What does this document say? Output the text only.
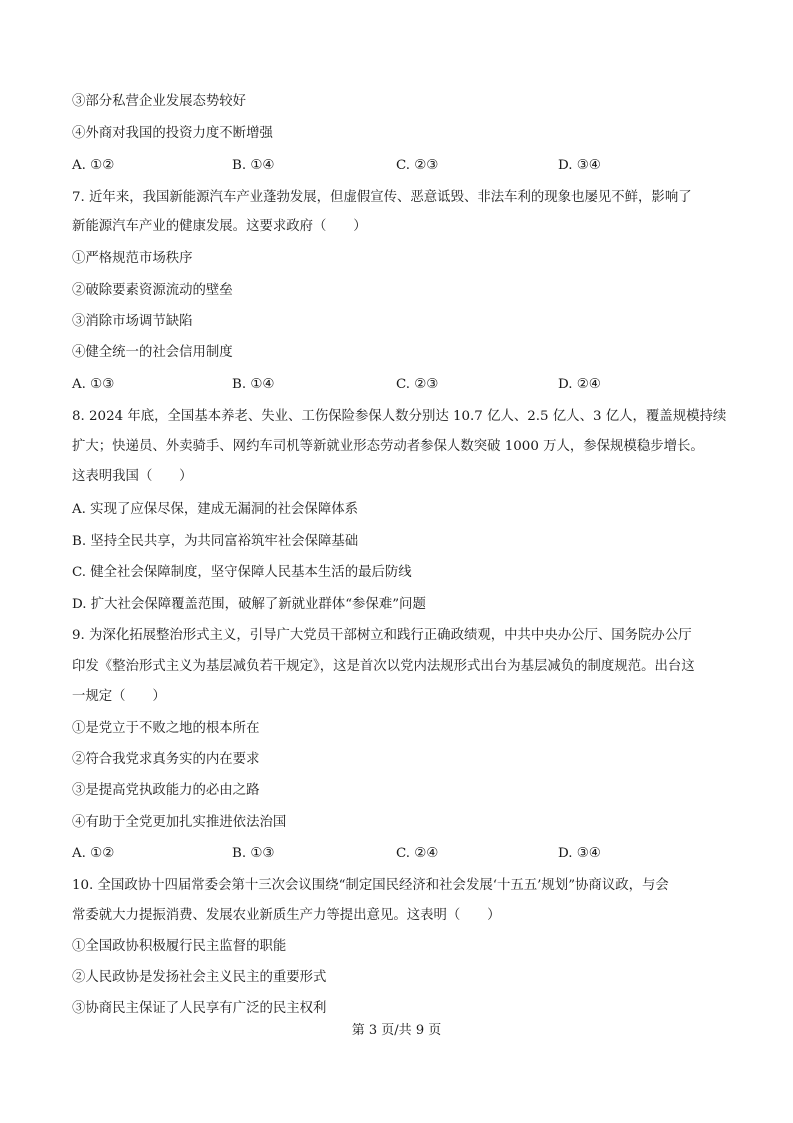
③部分私营企业发展态势较好
④外商对我国的投资力度不断增强
A. ①②	B. ①④	C. ②③	D. ③④
7. 近年来，我国新能源汽车产业蓬勃发展，但虚假宣传、恶意诋毁、非法车利的现象也屡见不鲜，影响了
新能源汽车产业的健康发展。这要求政府（　　）
①严格规范市场秩序
②破除要素资源流动的壁垒
③消除市场调节缺陷
④健全统一的社会信用制度
A. ①③	B. ①④	C. ②③	D. ②④
8. 2024 年底，全国基本养老、失业、工伤保险参保人数分别达 10.7 亿人、2.5 亿人、3 亿人，覆盖规模持续
扩大；快递员、外卖骑手、网约车司机等新就业形态劳动者参保人数突破 1000 万人，参保规模稳步增长。
这表明我国（　　）
A. 实现了应保尽保，建成无漏洞的社会保障体系
B. 坚持全民共享，为共同富裕筑牢社会保障基础
C. 健全社会保障制度，坚守保障人民基本生活的最后防线
D. 扩大社会保障覆盖范围，破解了新就业群体“参保难”问题
9. 为深化拓展整治形式主义，引导广大党员干部树立和践行正确政绩观，中共中央办公厅、国务院办公厅
印发《整治形式主义为基层减负若干规定》，这是首次以党内法规形式出台为基层减负的制度规范。出台这
一规定（　　）
①是党立于不败之地的根本所在
②符合我党求真务实的内在要求
③是提高党执政能力的必由之路
④有助于全党更加扎实推进依法治国
A. ①②	B. ①③	C. ②④	D. ③④
10. 全国政协十四届常委会第十三次会议围绕“制定国民经济和社会发展‘十五五’规划”协商议政，与会
常委就大力提振消费、发展农业新质生产力等提出意见。这表明（　　）
①全国政协积极履行民主监督的职能
②人民政协是发扬社会主义民主的重要形式
③协商民主保证了人民享有广泛的民主权利
第 3 页/共 9 页
